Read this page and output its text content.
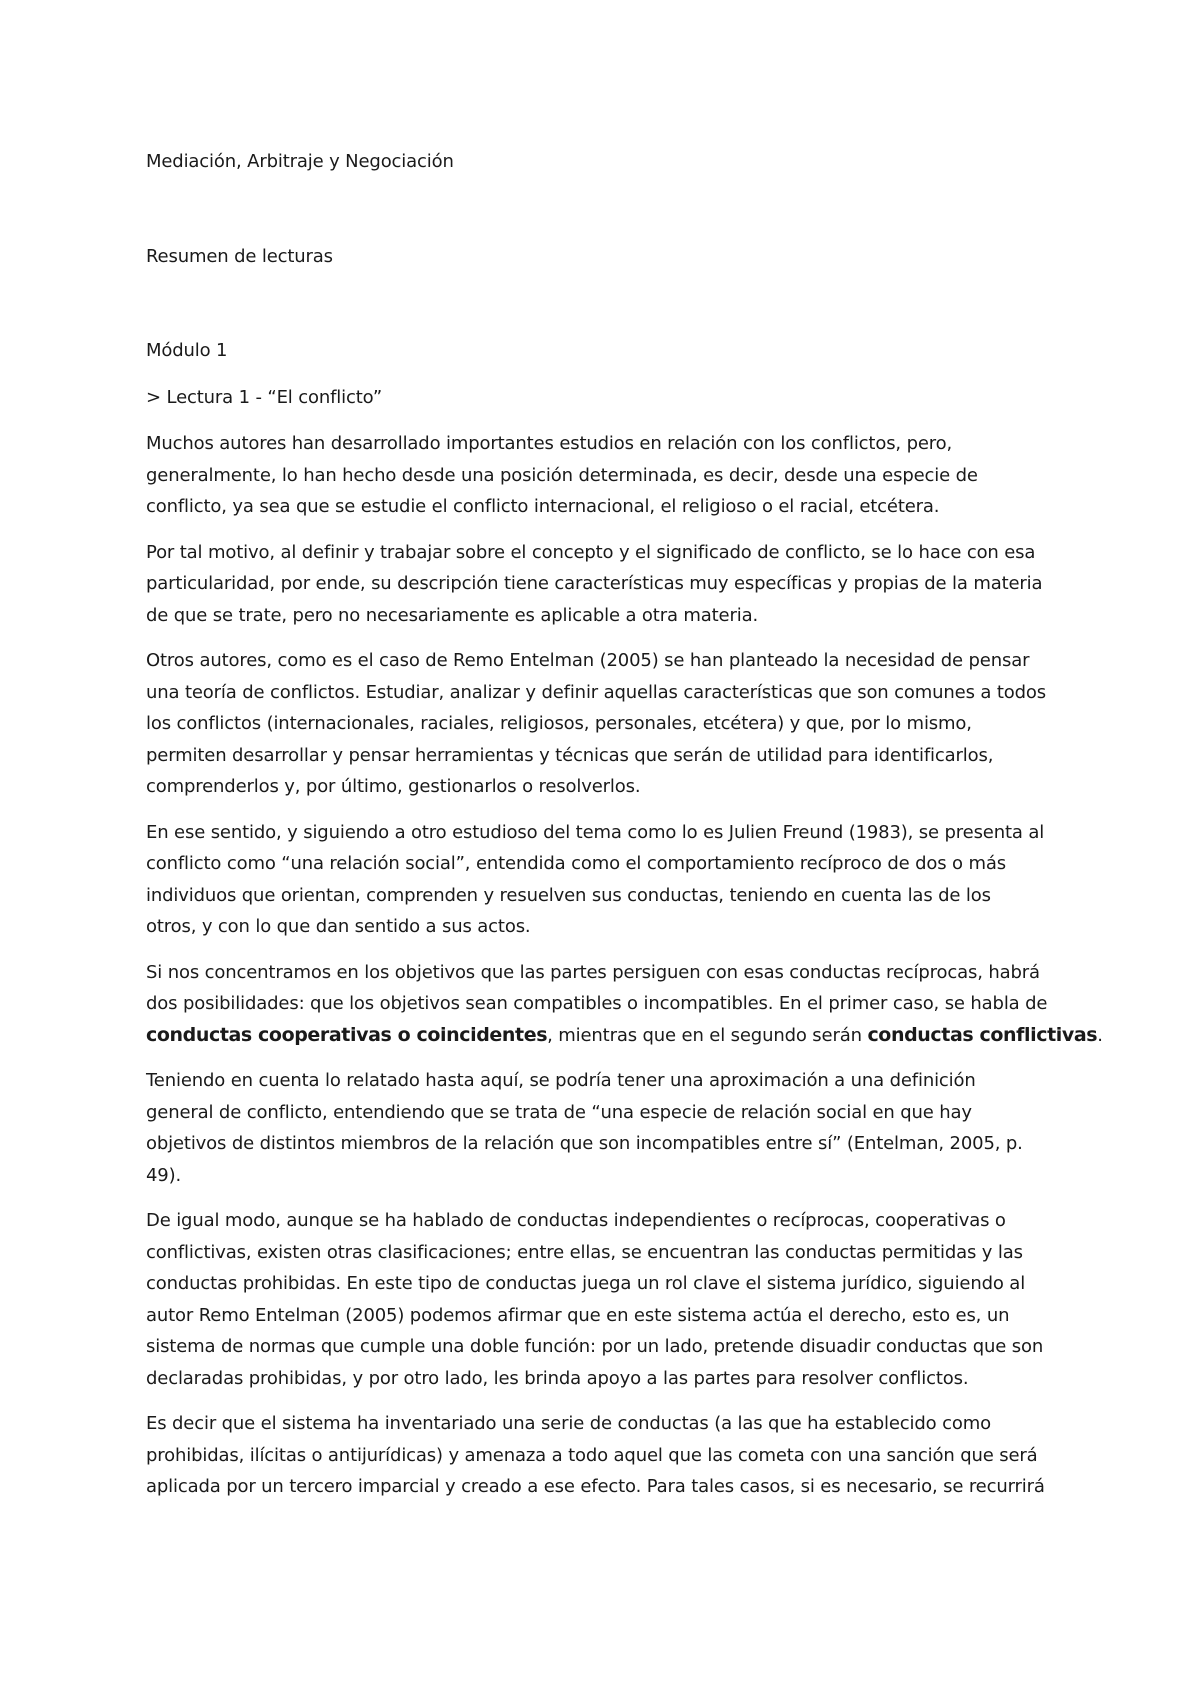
Mediación, Arbitraje y Negociación

Resumen de lecturas

Módulo 1

> Lectura 1 - “El conflicto”

Muchos autores han desarrollado importantes estudios en relación con los conflictos, pero,
generalmente, lo han hecho desde una posición determinada, es decir, desde una especie de
conflicto, ya sea que se estudie el conflicto internacional, el religioso o el racial, etcétera.

Por tal motivo, al definir y trabajar sobre el concepto y el significado de conflicto, se lo hace con esa
particularidad, por ende, su descripción tiene características muy específicas y propias de la materia
de que se trate, pero no necesariamente es aplicable a otra materia.

Otros autores, como es el caso de Remo Entelman (2005) se han planteado la necesidad de pensar
una teoría de conflictos. Estudiar, analizar y definir aquellas características que son comunes a todos
los conflictos (internacionales, raciales, religiosos, personales, etcétera) y que, por lo mismo,
permiten desarrollar y pensar herramientas y técnicas que serán de utilidad para identificarlos,
comprenderlos y, por último, gestionarlos o resolverlos.

En ese sentido, y siguiendo a otro estudioso del tema como lo es Julien Freund (1983), se presenta al
conflicto como “una relación social”, entendida como el comportamiento recíproco de dos o más
individuos que orientan, comprenden y resuelven sus conductas, teniendo en cuenta las de los
otros, y con lo que dan sentido a sus actos.

Si nos concentramos en los objetivos que las partes persiguen con esas conductas recíprocas, habrá
dos posibilidades: que los objetivos sean compatibles o incompatibles. En el primer caso, se habla de
conductas cooperativas o coincidentes, mientras que en el segundo serán conductas conflictivas.

Teniendo en cuenta lo relatado hasta aquí, se podría tener una aproximación a una definición
general de conflicto, entendiendo que se trata de “una especie de relación social en que hay
objetivos de distintos miembros de la relación que son incompatibles entre sí” (Entelman, 2005, p.
49).

De igual modo, aunque se ha hablado de conductas independientes o recíprocas, cooperativas o
conflictivas, existen otras clasificaciones; entre ellas, se encuentran las conductas permitidas y las
conductas prohibidas. En este tipo de conductas juega un rol clave el sistema jurídico, siguiendo al
autor Remo Entelman (2005) podemos afirmar que en este sistema actúa el derecho, esto es, un
sistema de normas que cumple una doble función: por un lado, pretende disuadir conductas que son
declaradas prohibidas, y por otro lado, les brinda apoyo a las partes para resolver conflictos.

Es decir que el sistema ha inventariado una serie de conductas (a las que ha establecido como
prohibidas, ilícitas o antijurídicas) y amenaza a todo aquel que las cometa con una sanción que será
aplicada por un tercero imparcial y creado a ese efecto. Para tales casos, si es necesario, se recurrirá
